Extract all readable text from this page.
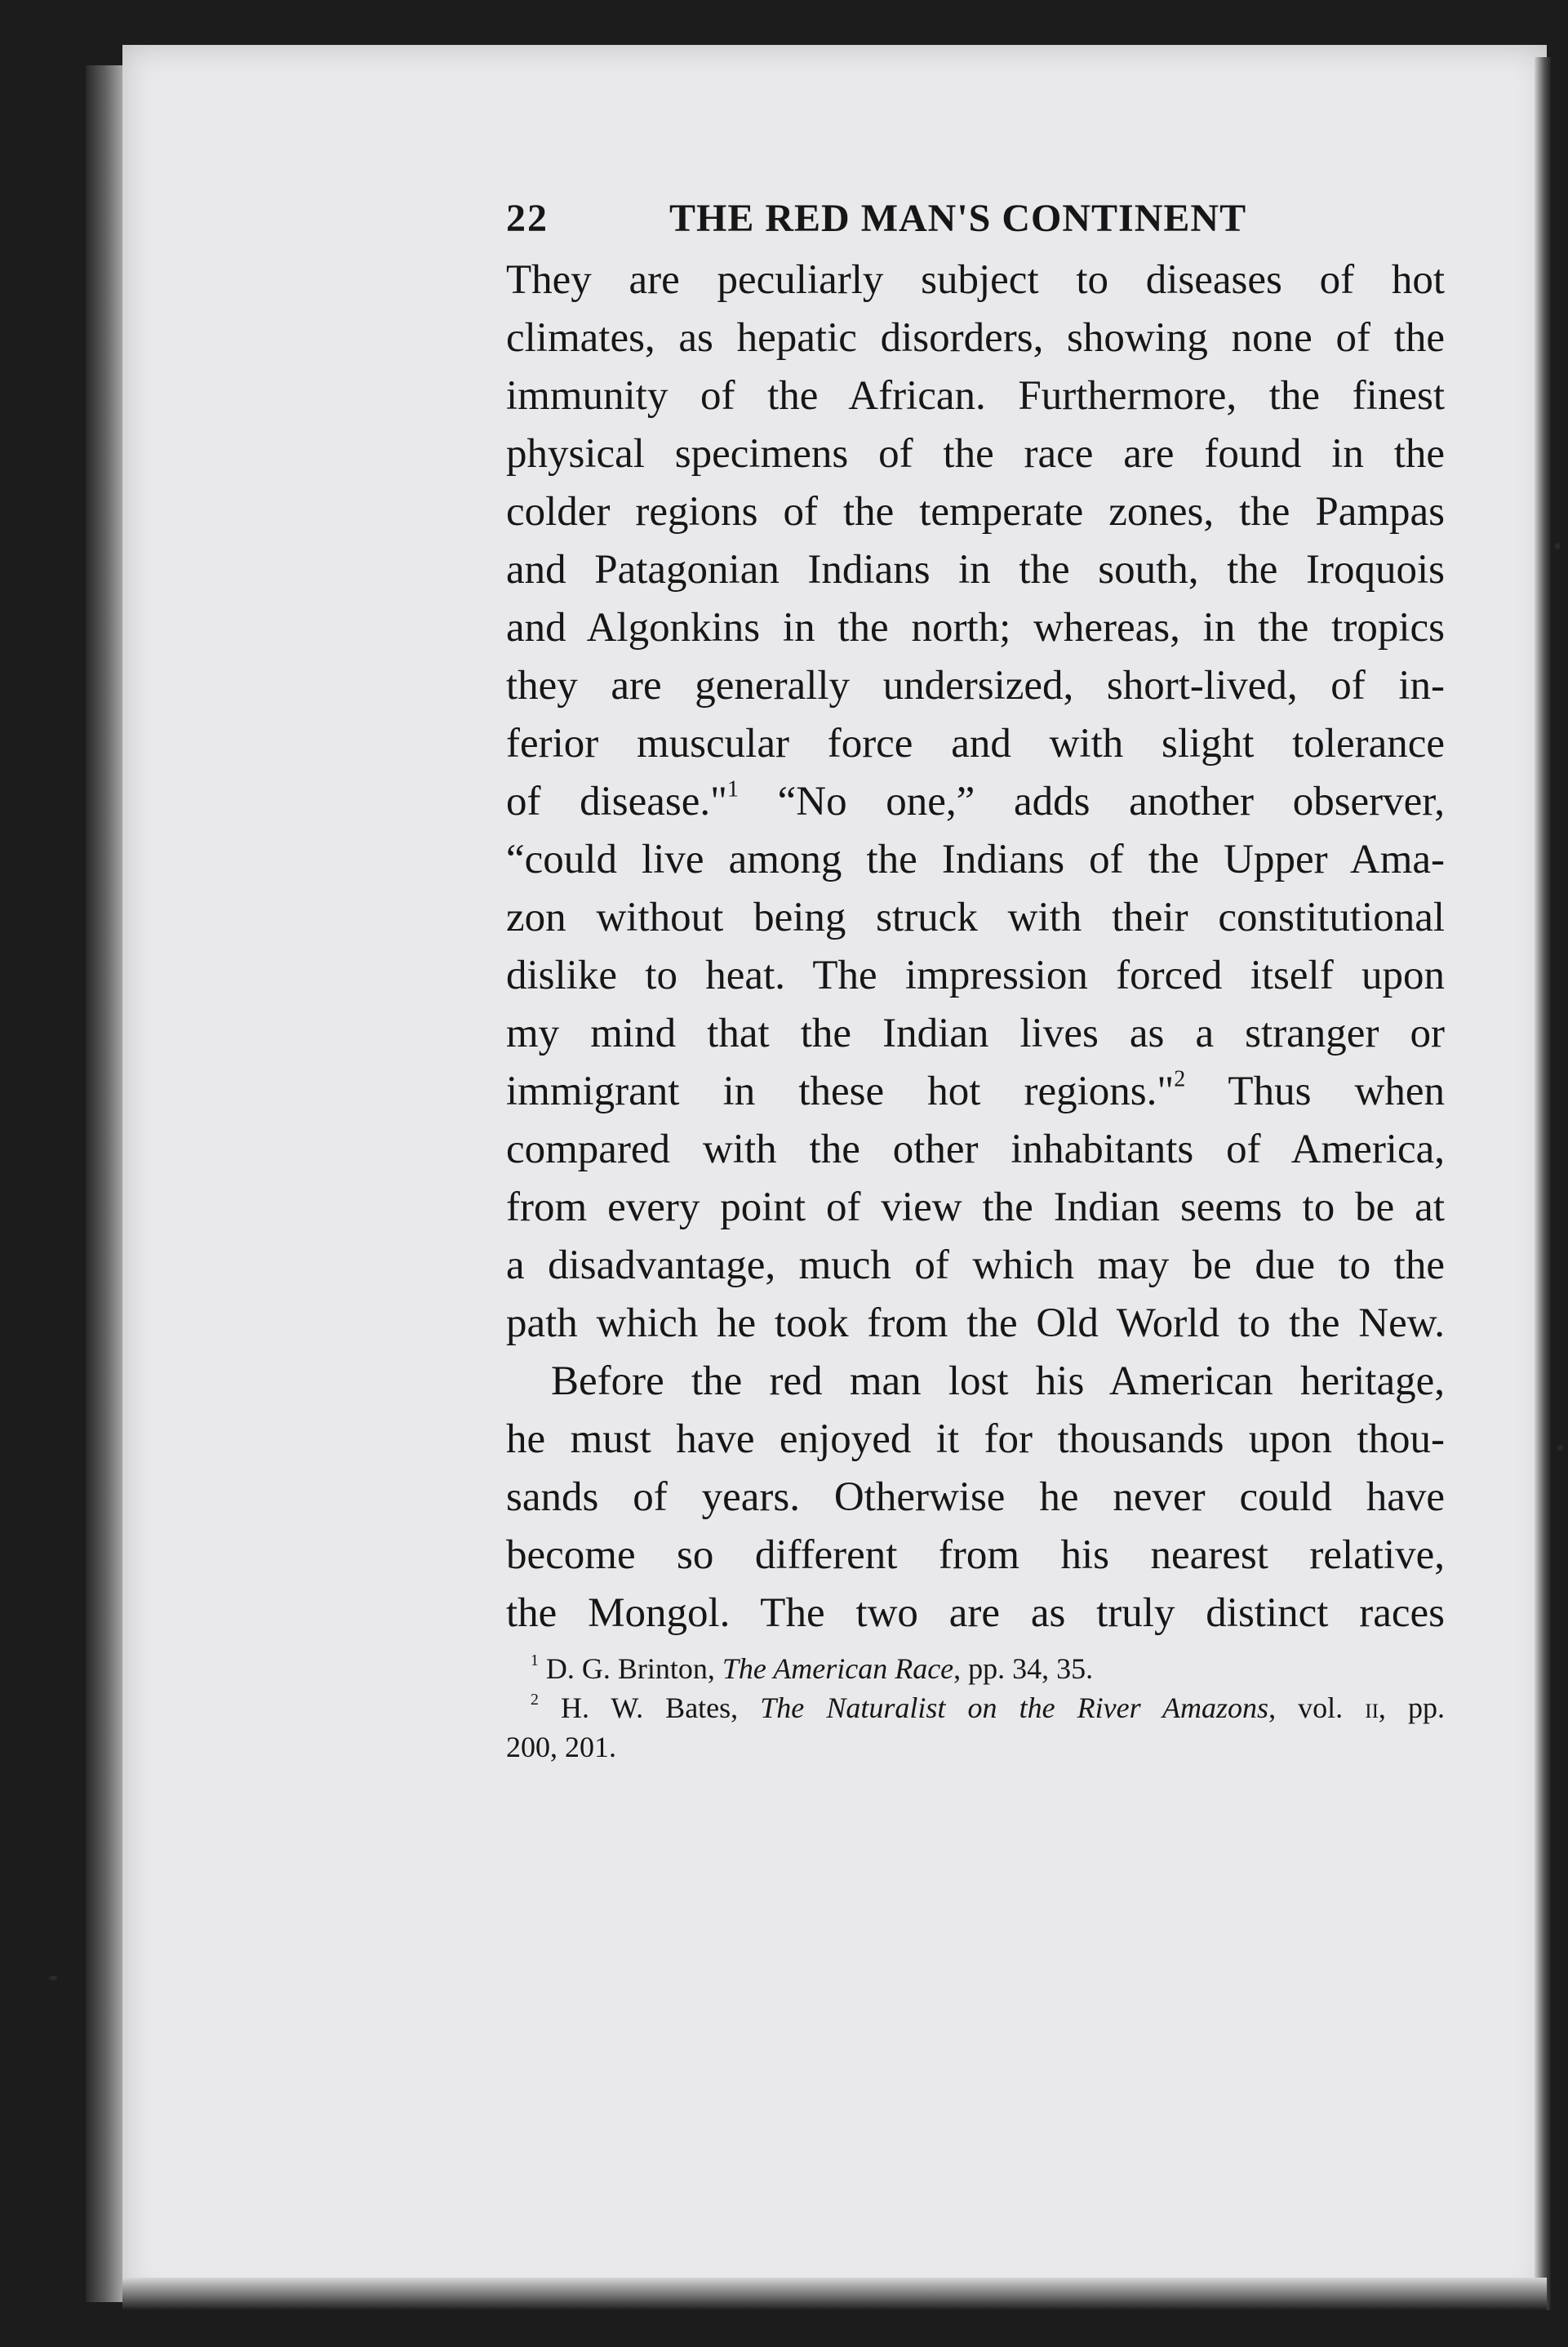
22	THE RED MAN'S CONTINENT
They are peculiarly subject to diseases of hot
climates, as hepatic disorders, showing none of the
immunity of the African. Furthermore, the finest
physical specimens of the race are found in the
colder regions of the temperate zones, the Pampas
and Patagonian Indians in the south, the Iroquois
and Algonkins in the north; whereas, in the tropics
they are generally undersized, short-lived, of in-
ferior muscular force and with slight tolerance
of disease."$^1$ “No one,” adds another observer,
“could live among the Indians of the Upper Ama-
zon without being struck with their constitutional
dislike to heat. The impression forced itself upon
my mind that the Indian lives as a stranger or
immigrant in these hot regions."$^2$ Thus when
compared with the other inhabitants of America,
from every point of view the Indian seems to be at
a disadvantage, much of which may be due to the
path which he took from the Old World to the New.
Before the red man lost his American heritage,
he must have enjoyed it for thousands upon thou-
sands of years. Otherwise he never could have
become so different from his nearest relative,
the Mongol. The two are as truly distinct races
$^1$ D. G. Brinton, The American Race, pp. 34, 35.
$^2$ H. W. Bates, The Naturalist on the River Amazons, vol. ii, pp.
200, 201.
